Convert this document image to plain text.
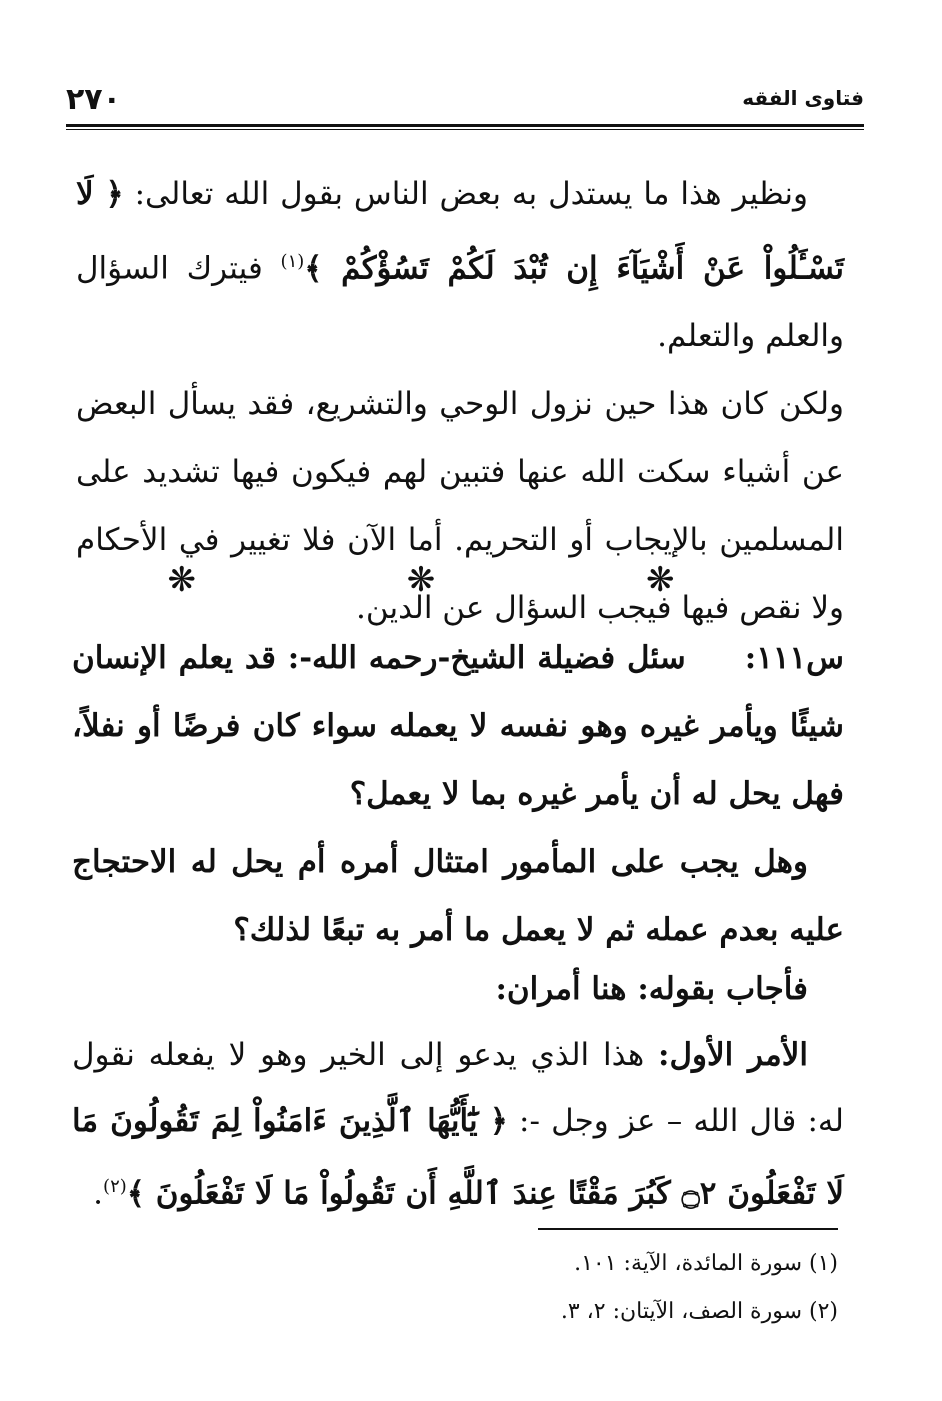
فتاوى الفقه
٢٧٠

ونظير هذا ما يستدل به بعض الناس بقول الله تعالى: ﴿ لَا تَسْـَٔلُواْ عَنْ أَشْيَآءَ إِن تُبْدَ لَكُمْ تَسُؤْكُمْ ﴾$^{(١)}$ فيترك السؤال والعلم والتعلم.

ولكن كان هذا حين نزول الوحي والتشريع، فقد يسأل البعض عن أشياء سكت الله عنها فتبين لهم فيكون فيها تشديد على المسلمين بالإيجاب أو التحريم. أما الآن فلا تغيير في الأحكام ولا نقص فيها فيجب السؤال عن الدين.

❋ ❋ ❋

س١١١:     سئل فضيلة الشيخ-رحمه الله-: قد يعلم الإنسان شيئًا ويأمر غيره وهو نفسه لا يعمله سواء كان فرضًا أو نفلاً، فهل يحل له أن يأمر غيره بما لا يعمل؟

وهل يجب على المأمور امتثال أمره أم يحل له الاحتجاج عليه بعدم عمله ثم لا يعمل ما أمر به تبعًا لذلك؟

فأجاب بقوله: هنا أمران:

الأمر الأول: هذا الذي يدعو إلى الخير وهو لا يفعله نقول له: قال الله – عز وجل -: ﴿ يَٰٓأَيُّهَا ٱلَّذِينَ ءَامَنُواْ لِمَ تَقُولُونَ مَا لَا تَفْعَلُونَ ۝٢ كَبُرَ مَقْتًا عِندَ ٱللَّهِ أَن تَقُولُواْ مَا لَا تَفْعَلُونَ ﴾$^{(٢)}$.

(١) سورة المائدة، الآية: ١٠١.

(٢) سورة الصف، الآيتان: ٢، ٣.
